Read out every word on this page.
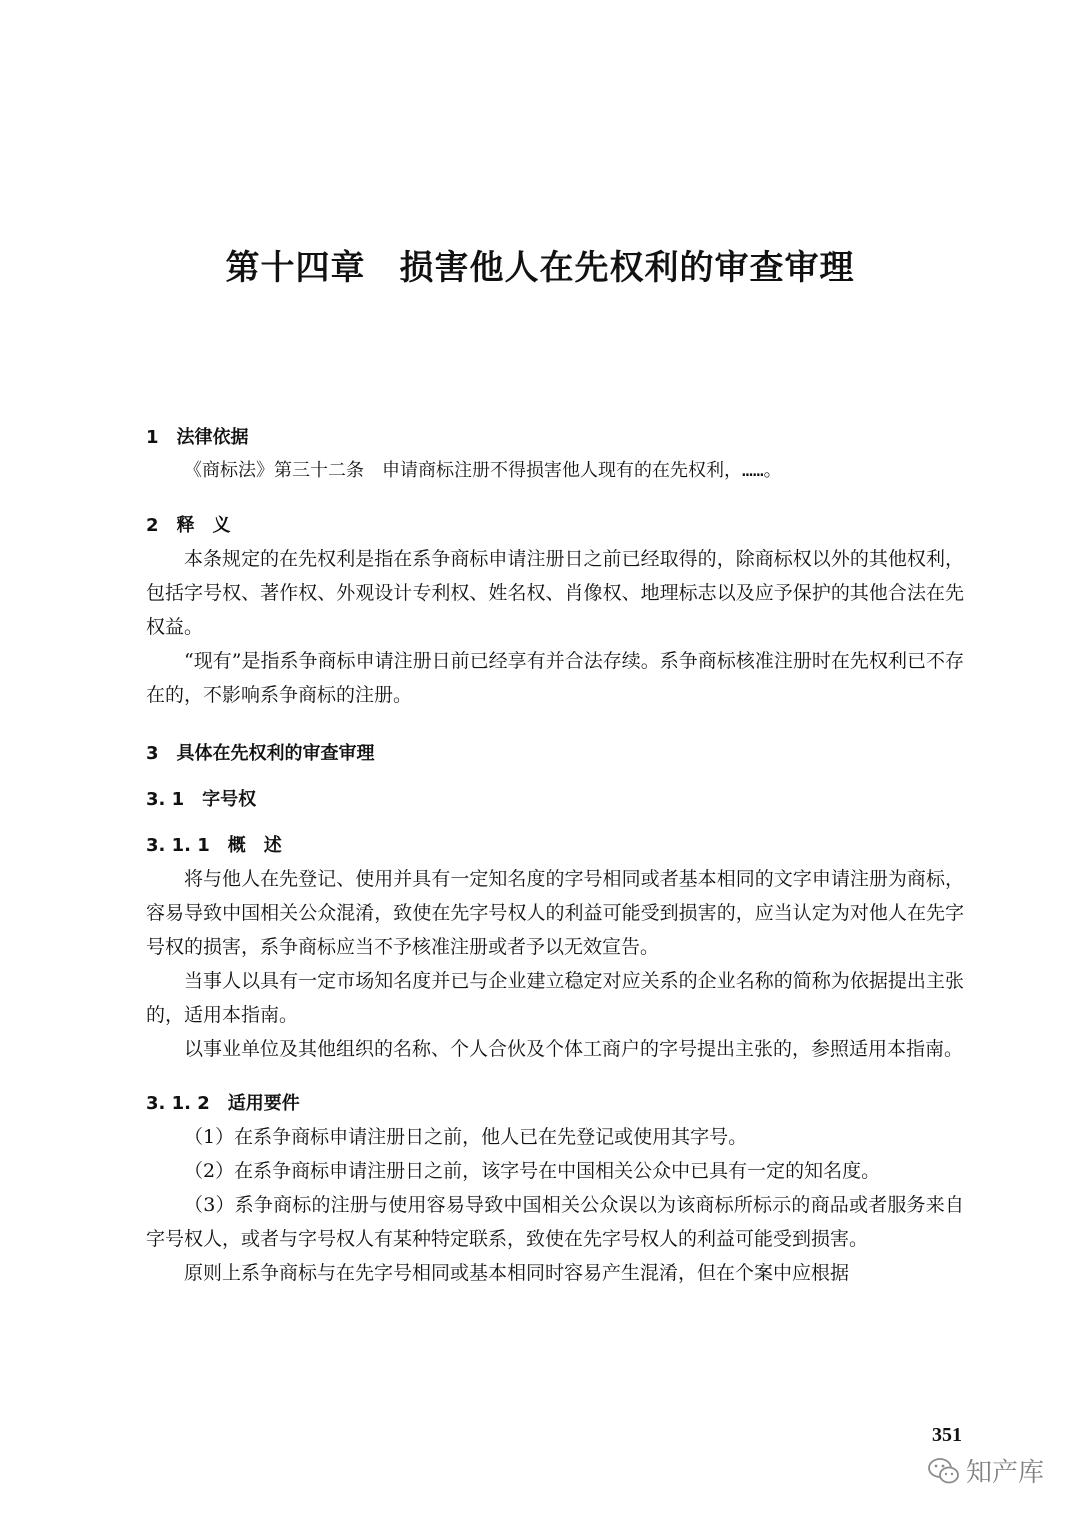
第十四章 损害他人在先权利的审查审理
1 法律依据

《商标法》第三十二条　申请商标注册不得损害他人现有的在先权利，……。

2 释　义

本条规定的在先权利是指在系争商标申请注册日之前已经取得的，除商标权以外的其他权利，包括字号权、著作权、外观设计专利权、姓名权、肖像权、地理标志以及应予保护的其他合法在先权益。

“现有”是指系争商标申请注册日前已经享有并合法存续。系争商标核准注册时在先权利已不存在的，不影响系争商标的注册。

3 具体在先权利的审查审理
3. 1 字号权
3. 1. 1 概　述

将与他人在先登记、使用并具有一定知名度的字号相同或者基本相同的文字申请注册为商标，容易导致中国相关公众混淆，致使在先字号权人的利益可能受到损害的，应当认定为对他人在先字号权的损害，系争商标应当不予核准注册或者予以无效宣告。

当事人以具有一定市场知名度并已与企业建立稳定对应关系的企业名称的简称为依据提出主张的，适用本指南。

以事业单位及其他组织的名称、个人合伙及个体工商户的字号提出主张的，参照适用本指南。

3. 1. 2 适用要件

（1）在系争商标申请注册日之前，他人已在先登记或使用其字号。

（2）在系争商标申请注册日之前，该字号在中国相关公众中已具有一定的知名度。

（3）系争商标的注册与使用容易导致中国相关公众误以为该商标所标示的商品或者服务来自字号权人，或者与字号权人有某种特定联系，致使在先字号权人的利益可能受到损害。

原则上系争商标与在先字号相同或基本相同时容易产生混淆，但在个案中应根据

351
知产库
